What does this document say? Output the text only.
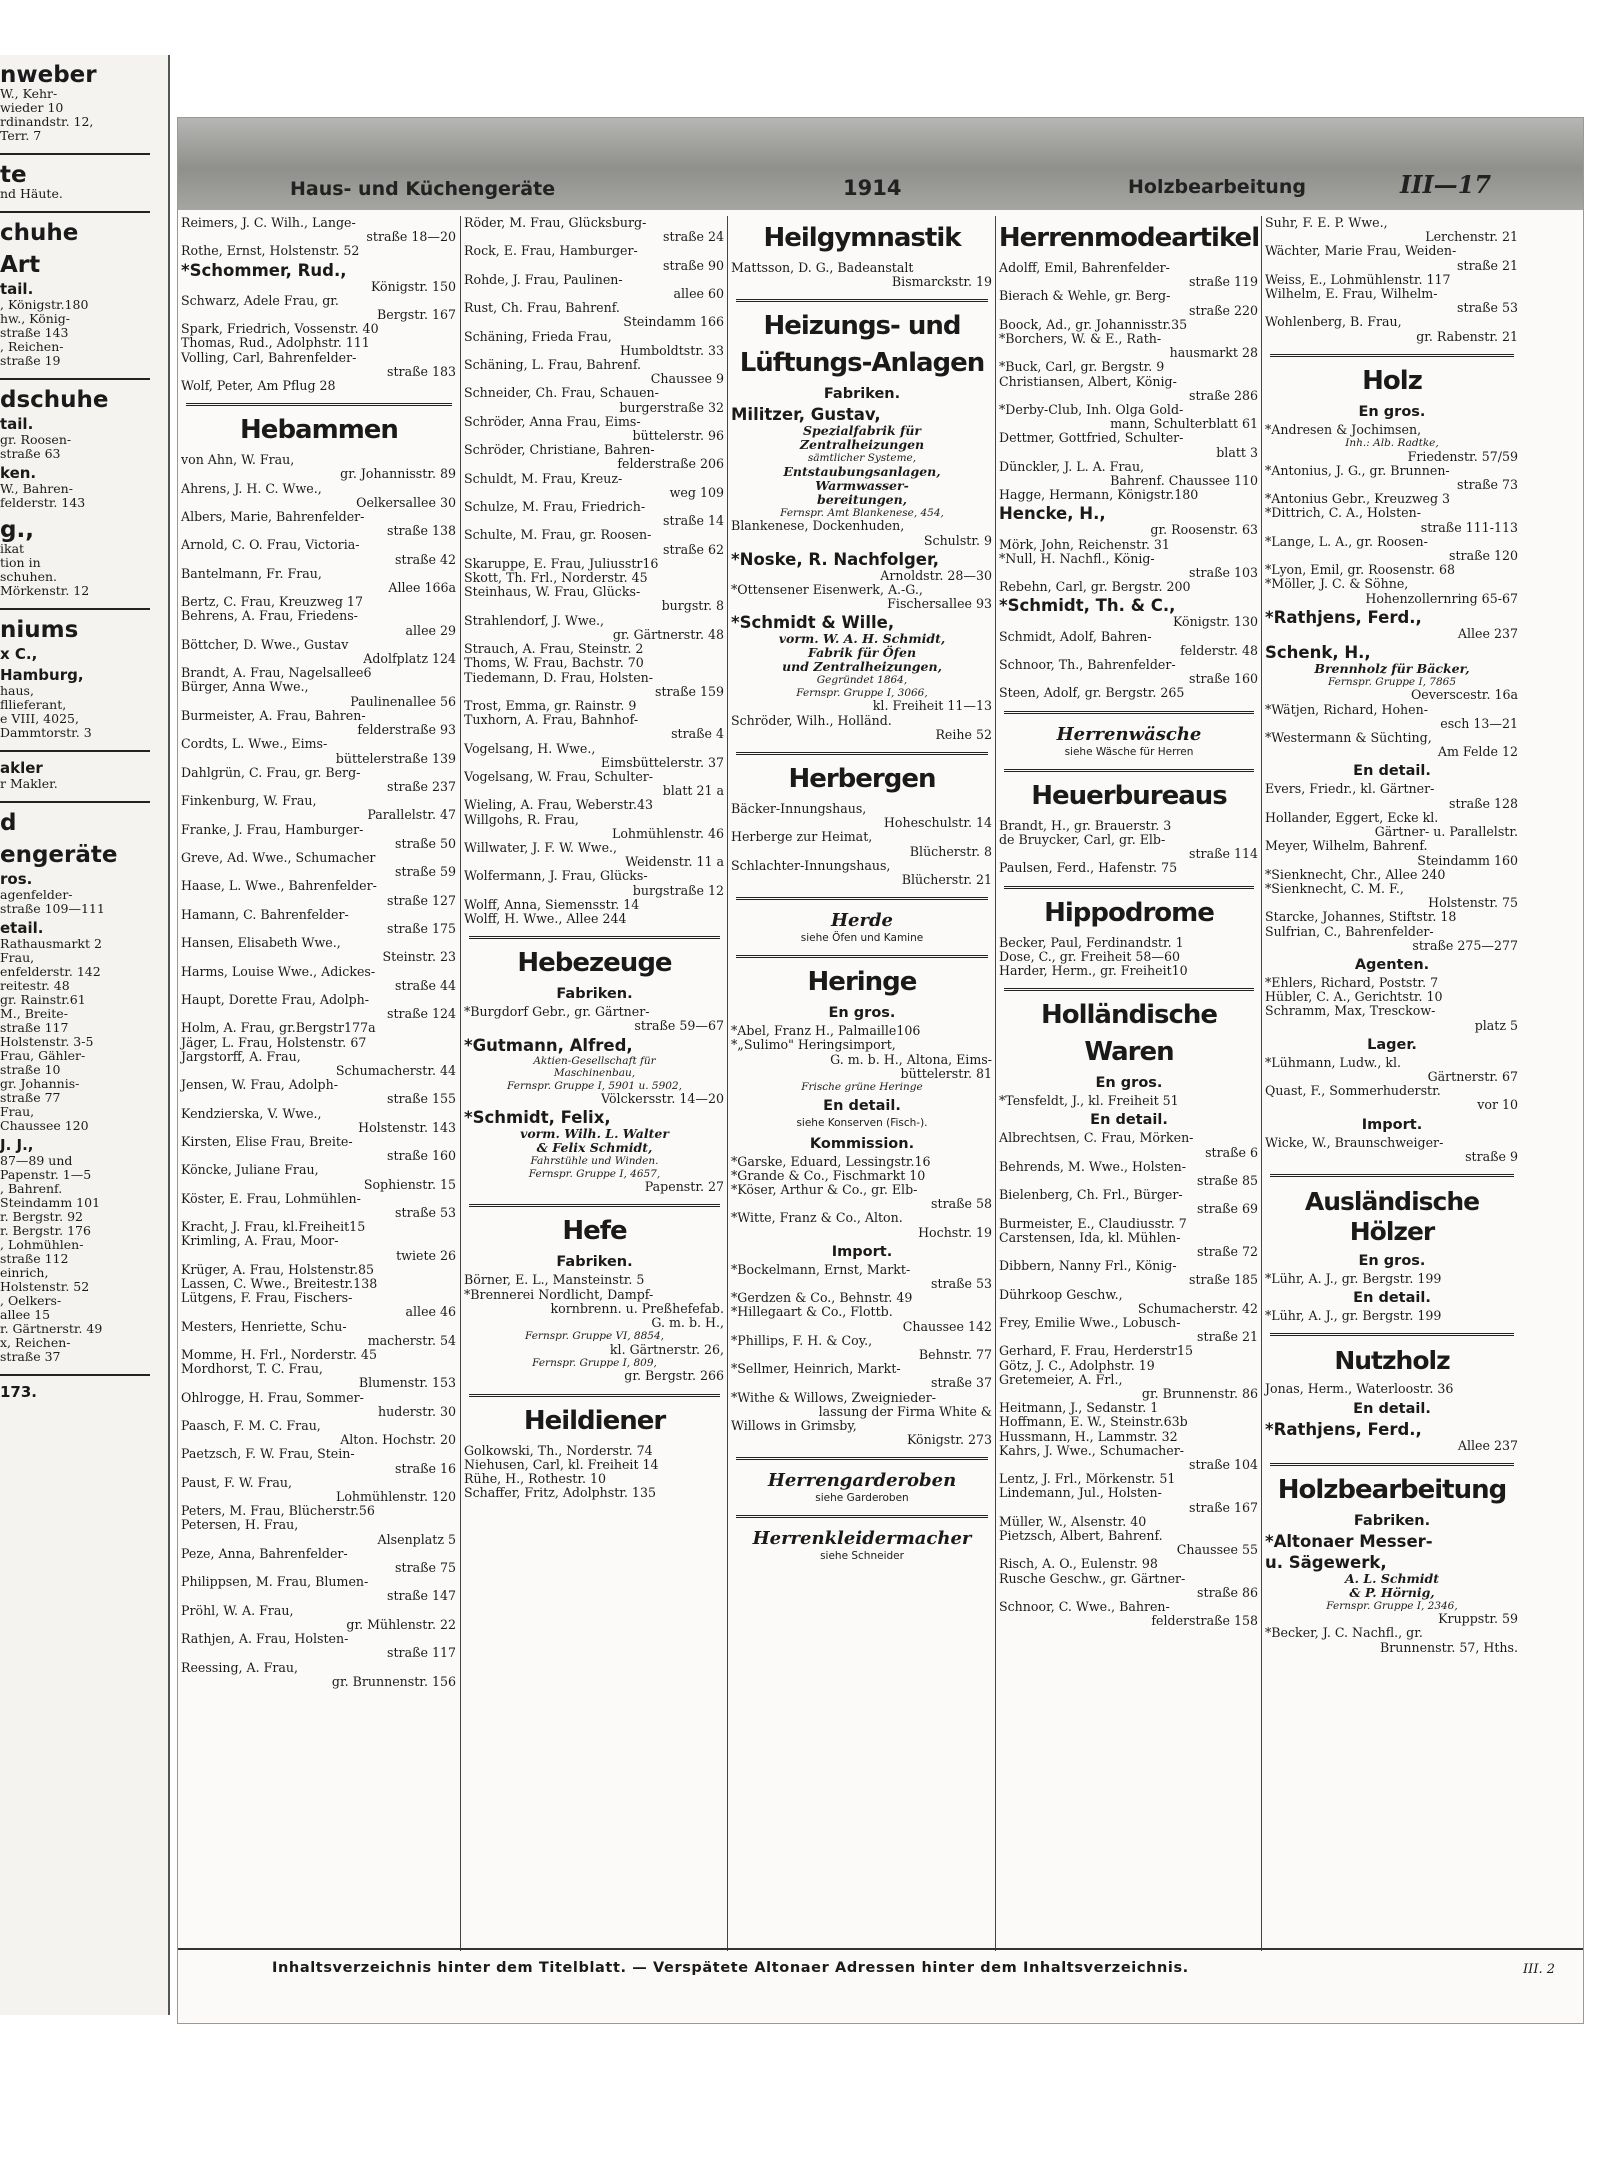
nweber
W., Kehr-
wieder 10
rdinandstr. 12,
Terr. 7
te
nd Häute.
chuhe
Art
tail.
, Königstr.180
hw., König-
straße 143
, Reichen-
straße 19
dschuhe
tail.
gr. Roosen-
straße 63
ken.
W., Bahren-
felderstr. 143
g.,
ikat
tion in
schuhen.
Mörkenstr. 12
niums
x C.,
Hamburg,
haus,
fllieferant,
e VIII, 4025,
Dammtorstr. 3
akler
r Makler.
d
engeräte
ros.
agenfelder-
straße 109—111
etail.
Rathausmarkt 2
Frau,
enfelderstr. 142
reitestr. 48
gr. Rainstr.61
M., Breite-
straße 117
Holstenstr. 3-5
Frau, Gähler-
straße 10
gr. Johannis-
straße 77
Frau,
Chaussee 120
J. J.,
87—89 und
Papenstr. 1—5
, Bahrenf.
Steindamm 101
r. Bergstr. 92
r. Bergstr. 176
, Lohmühlen-
straße 112
einrich,
Holstenstr. 52
, Oelkers-
allee 15
r. Gärtnerstr. 49
x, Reichen-
straße 37
173.
Haus- und Küchengeräte	1914	Holzbearbeitung	III—17
Reimers, J. C. Wilh., Lange-
straße 18—20
Rothe, Ernst, Holstenstr. 52
*Schommer, Rud.,
Königstr. 150
Schwarz, Adele Frau, gr.
Bergstr. 167
Spark, Friedrich, Vossenstr. 40
Thomas, Rud., Adolphstr. 111
Volling, Carl, Bahrenfelder-
straße 183
Wolf, Peter, Am Pflug 28
Hebammen
von Ahn, W. Frau,
gr. Johannisstr. 89
Ahrens, J. H. C. Wwe.,
Oelkersallee 30
Albers, Marie, Bahrenfelder-
straße 138
Arnold, C. O. Frau, Victoria-
straße 42
Bantelmann, Fr. Frau,
Allee 166a
Bertz, C. Frau, Kreuzweg 17
Behrens, A. Frau, Friedens-
allee 29
Böttcher, D. Wwe., Gustav
Adolfplatz 124
Brandt, A. Frau, Nagelsallee6
Bürger, Anna Wwe.,
Paulinenallee 56
Burmeister, A. Frau, Bahren-
felderstraße 93
Cordts, L. Wwe., Eims-
büttelerstraße 139
Dahlgrün, C. Frau, gr. Berg-
straße 237
Finkenburg, W. Frau,
Parallelstr. 47
Franke, J. Frau, Hamburger-
straße 50
Greve, Ad. Wwe., Schumacher
straße 59
Haase, L. Wwe., Bahrenfelder-
straße 127
Hamann, C. Bahrenfelder-
straße 175
Hansen, Elisabeth Wwe.,
Steinstr. 23
Harms, Louise Wwe., Adickes-
straße 44
Haupt, Dorette Frau, Adolph-
straße 124
Holm, A. Frau, gr.Bergstr177a
Jäger, L. Frau, Holstenstr. 67
Jargstorff, A. Frau,
Schumacherstr. 44
Jensen, W. Frau, Adolph-
straße 155
Kendzierska, V. Wwe.,
Holstenstr. 143
Kirsten, Elise Frau, Breite-
straße 160
Köncke, Juliane Frau,
Sophienstr. 15
Köster, E. Frau, Lohmühlen-
straße 53
Kracht, J. Frau, kl.Freiheit15
Krimling, A. Frau, Moor-
twiete 26
Krüger, A. Frau, Holstenstr.85
Lassen, C. Wwe., Breitestr.138
Lütgens, F. Frau, Fischers-
allee 46
Mesters, Henriette, Schu-
macherstr. 54
Momme, H. Frl., Norderstr. 45
Mordhorst, T. C. Frau,
Blumenstr. 153
Ohlrogge, H. Frau, Sommer-
huderstr. 30
Paasch, F. M. C. Frau,
Alton. Hochstr. 20
Paetzsch, F. W. Frau, Stein-
straße 16
Paust, F. W. Frau,
Lohmühlenstr. 120
Peters, M. Frau, Blücherstr.56
Petersen, H. Frau,
Alsenplatz 5
Peze, Anna, Bahrenfelder-
straße 75
Philippsen, M. Frau, Blumen-
straße 147
Pröhl, W. A. Frau,
gr. Mühlenstr. 22
Rathjen, A. Frau, Holsten-
straße 117
Reessing, A. Frau,
gr. Brunnenstr. 156
Röder, M. Frau, Glücksburg-
straße 24
Rock, E. Frau, Hamburger-
straße 90
Rohde, J. Frau, Paulinen-
allee 60
Rust, Ch. Frau, Bahrenf.
Steindamm 166
Schäning, Frieda Frau,
Humboldtstr. 33
Schäning, L. Frau, Bahrenf.
Chaussee 9
Schneider, Ch. Frau, Schauen-
burgerstraße 32
Schröder, Anna Frau, Eims-
büttelerstr. 96
Schröder, Christiane, Bahren-
felderstraße 206
Schuldt, M. Frau, Kreuz-
weg 109
Schulze, M. Frau, Friedrich-
straße 14
Schulte, M. Frau, gr. Roosen-
straße 62
Skaruppe, E. Frau, Juliusstr16
Skott, Th. Frl., Norderstr. 45
Steinhaus, W. Frau, Glücks-
burgstr. 8
Strahlendorf, J. Wwe.,
gr. Gärtnerstr. 48
Strauch, A. Frau, Steinstr. 2
Thoms, W. Frau, Bachstr. 70
Tiedemann, D. Frau, Holsten-
straße 159
Trost, Emma, gr. Rainstr. 9
Tuxhorn, A. Frau, Bahnhof-
straße 4
Vogelsang, H. Wwe.,
Eimsbüttelerstr. 37
Vogelsang, W. Frau, Schulter-
blatt 21 a
Wieling, A. Frau, Weberstr.43
Willgohs, R. Frau,
Lohmühlenstr. 46
Willwater, J. F. W. Wwe.,
Weidenstr. 11 a
Wolfermann, J. Frau, Glücks-
burgstraße 12
Wolff, Anna, Siemensstr. 14
Wolff, H. Wwe., Allee 244
Hebezeuge
Fabriken.
*Burgdorf Gebr., gr. Gärtner-
straße 59—67
*Gutmann, Alfred,
Aktien-Gesellschaft für
Maschinenbau,
Fernspr. Gruppe I, 5901 u. 5902,
Völckersstr. 14—20
*Schmidt, Felix,
vorm. Wilh. L. Walter
& Felix Schmidt,
Fahrstühle und Winden.
Fernspr. Gruppe I, 4657,
Papenstr. 27
Hefe
Fabriken.
Börner, E. L., Manstеinstr. 5
*Brennerei Nordlicht, Dampf-
kornbrenn. u. Preßhefefab.
G. m. b. H.,
Fernspr. Gruppe VI, 8854,
kl. Gärtnerstr. 26,
Fernspr. Gruppe I, 809,
gr. Bergstr. 266
Heildiener
Golkowski, Th., Norderstr. 74
Niehusen, Carl, kl. Freiheit 14
Rühe, H., Rothestr. 10
Schaffer, Fritz, Adolphstr. 135
Heilgymnastik
Mattsson, D. G., Badeanstalt
Bismarckstr. 19
Heizungs- und
Lüftungs-Anlagen
Fabriken.
Militzer, Gustav,
Spezialfabrik für
Zentralheizungen
sämtlicher Systeme,
Entstaubungsanlagen,
Warmwasser-
bereitungen,
Fernspr. Amt Blankenese, 454,
Blankenese, Dockenhuden,
Schulstr. 9
*Noske, R. Nachfolger,
Arnoldstr. 28—30
*Ottensener Eisenwerk, A.-G.,
Fischersallee 93
*Schmidt & Wille,
vorm. W. A. H. Schmidt,
Fabrik für Öfen
und Zentralheizungen,
Gegründet 1864,
Fernspr. Gruppe I, 3066,
kl. Freiheit 11—13
Schröder, Wilh., Holländ.
Reihe 52
Herbergen
Bäcker-Innungshaus,
Hoheschulstr. 14
Herberge zur Heimat,
Blücherstr. 8
Schlachter-Innungshaus,
Blücherstr. 21
Herde
siehe Öfen und Kamine
Heringe
En gros.
*Abel, Franz H., Palmaille106
*„Sulimo" Heringsimport,
G. m. b. H., Altona, Eims-
büttelerstr. 81
Frische grüne Heringe
En detail.
siehe Konserven (Fisch-).
Kommission.
*Garske, Eduard, Lessingstr.16
*Grande & Co., Fischmarkt 10
*Köser, Arthur & Co., gr. Elb-
straße 58
*Witte, Franz & Co., Alton.
Hochstr. 19
Import.
*Bockelmann, Ernst, Markt-
straße 53
*Gerdzen & Co., Behnstr. 49
*Hillegaart & Co., Flottb.
Chaussee 142
*Phillips, F. H. & Coy.,
Behnstr. 77
*Sellmer, Heinrich, Markt-
straße 37
*Withe & Willows, Zweignieder-
lassung der Firma White &
Willows in Grimsby,
Königstr. 273
Herrengarderoben
siehe Garderoben
Herrenkleidermacher
siehe Schneider
Herrenmodeartikel
Adolff, Emil, Bahrenfelder-
straße 119
Bierach & Wehle, gr. Berg-
straße 220
Boock, Ad., gr. Johannisstr.35
*Borchers, W. & E., Rath-
hausmarkt 28
*Buck, Carl, gr. Bergstr. 9
Christiansen, Albert, König-
straße 286
*Derby-Club, Inh. Olga Gold-
mann, Schulterblatt 61
Dettmer, Gottfried, Schulter-
blatt 3
Dünckler, J. L. A. Frau,
Bahrenf. Chaussee 110
Hagge, Hermann, Königstr.180
Hencke, H.,
gr. Roosenstr. 63
Mörk, John, Reichenstr. 31
*Null, H. Nachfl., König-
straße 103
Rebehn, Carl, gr. Bergstr. 200
*Schmidt, Th. & C.,
Königstr. 130
Schmidt, Adolf, Bahren-
felderstr. 48
Schnoor, Th., Bahrenfelder-
straße 160
Steen, Adolf, gr. Bergstr. 265
Herrenwäsche
siehe Wäsche für Herren
Heuerbureaus
Brandt, H., gr. Brauerstr. 3
de Bruycker, Carl, gr. Elb-
straße 114
Paulsen, Ferd., Hafenstr. 75
Hippodrome
Becker, Paul, Ferdinandstr. 1
Dose, C., gr. Freiheit 58—60
Harder, Herm., gr. Freiheit10
Holländische
Waren
En gros.
*Tensfeldt, J., kl. Freiheit 51
En detail.
Albrechtsen, C. Frau, Mörken-
straße 6
Behrends, M. Wwe., Holsten-
straße 85
Bielenberg, Ch. Frl., Bürger-
straße 69
Burmeister, E., Claudiusstr. 7
Carstensen, Ida, kl. Mühlen-
straße 72
Dibbern, Nanny Frl., König-
straße 185
Dührkoop Geschw.,
Schumacherstr. 42
Frey, Emilie Wwe., Lobusch-
straße 21
Gerhard, F. Frau, Herderstr15
Götz, J. C., Adolphstr. 19
Gretemeier, A. Frl.,
gr. Brunnenstr. 86
Heitmann, J., Sedanstr. 1
Hoffmann, E. W., Steinstr.63b
Hussmann, H., Lammstr. 32
Kahrs, J. Wwe., Schumacher-
straße 104
Lentz, J. Frl., Mörkenstr. 51
Lindemann, Jul., Holsten-
straße 167
Müller, W., Alsenstr. 40
Pietzsch, Albert, Bahrenf.
Chaussee 55
Risch, A. O., Eulenstr. 98
Rusche Geschw., gr. Gärtner-
straße 86
Schnoor, C. Wwe., Bahren-
felderstraße 158
Suhr, F. E. P. Wwe.,
Lerchenstr. 21
Wächter, Marie Frau, Weiden-
straße 21
Weiss, E., Lohmühlenstr. 117
Wilhelm, E. Frau, Wilhelm-
straße 53
Wohlenberg, B. Frau,
gr. Rabenstr. 21
Holz
En gros.
*Andresen & Jochimsen,
Inh.: Alb. Radtke,
Friedenstr. 57/59
*Antonius, J. G., gr. Brunnen-
straße 73
*Antonius Gebr., Kreuzweg 3
*Dittrich, C. A., Holsten-
straße 111-113
*Lange, L. A., gr. Roosen-
straße 120
*Lyon, Emil, gr. Roosenstr. 68
*Möller, J. C. & Söhne,
Hohenzollernring 65-67
*Rathjens, Ferd.,
Allee 237
Schenk, H.,
Brennholz für Bäcker,
Fernspr. Gruppe I, 7865
Oeverscestr. 16a
*Wätjen, Richard, Hohen-
esch 13—21
*Westermann & Süchting,
Am Felde 12
En detail.
Evers, Friedr., kl. Gärtner-
straße 128
Hollander, Eggert, Ecke kl.
Gärtner- u. Parallelstr.
Meyer, Wilhelm, Bahrenf.
Steindamm 160
*Sienknecht, Chr., Allee 240
*Sienknecht, C. M. F.,
Holstenstr. 75
Starcke, Johannes, Stiftstr. 18
Sulfrian, C., Bahrenfelder-
straße 275—277
Agenten.
*Ehlers, Richard, Poststr. 7
Hübler, C. A., Gerichtstr. 10
Schramm, Max, Tresckow-
platz 5
Lager.
*Lühmann, Ludw., kl.
Gärtnerstr. 67
Quast, F., Sommerhuderstr.
vor 10
Import.
Wicke, W., Braunschweiger-
straße 9
Ausländische Hölzer
En gros.
*Lühr, A. J., gr. Bergstr. 199
En detail.
*Lühr, A. J., gr. Bergstr. 199
Nutzholz
Jonas, Herm., Waterloostr. 36
En detail.
*Rathjens, Ferd.,
Allee 237
Holzbearbeitung
Fabriken.
*Altonaer Messer-
u. Sägewerk,
A. L. Schmidt
& P. Hörnig,
Fernspr. Gruppe I, 2346,
Kruppstr. 59
*Becker, J. C. Nachfl., gr.
Brunnenstr. 57, Hths.
Inhaltsverzeichnis hinter dem Titelblatt. — Verspätete Altonaer Adressen hinter dem Inhaltsverzeichnis.	III. 2
